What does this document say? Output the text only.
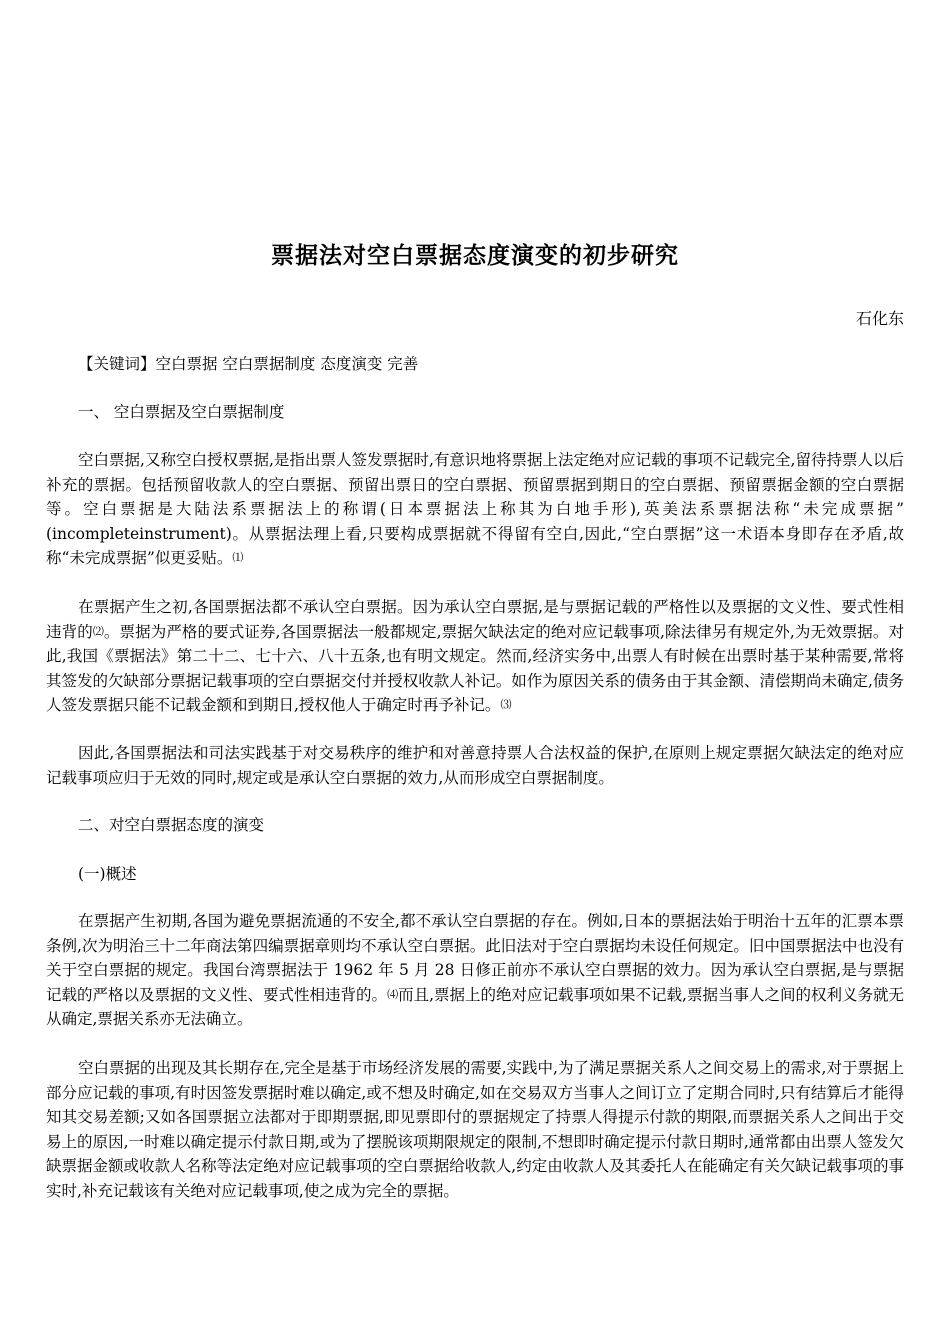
票据法对空白票据态度演变的初步研究
石化东

【关键词】空白票据 空白票据制度 态度演变 完善

一、 空白票据及空白票据制度

空白票据,又称空白授权票据,是指出票人签发票据时,有意识地将票据上法定绝对应记载的事项不记载完全,留待持票人以后补充的票据。包括预留收款人的空白票据、预留出票日的空白票据、预留票据到期日的空白票据、预留票据金额的空白票据等。空白票据是大陆法系票据法上的称谓(日本票据法上称其为白地手形),英美法系票据法称“未完成票据” (incompleteinstrument)。从票据法理上看,只要构成票据就不得留有空白,因此,“空白票据”这一术语本身即存在矛盾,故称“未完成票据”似更妥贴。⑴

在票据产生之初,各国票据法都不承认空白票据。因为承认空白票据,是与票据记载的严格性以及票据的文义性、要式性相违背的⑵。票据为严格的要式证券,各国票据法一般都规定,票据欠缺法定的绝对应记载事项,除法律另有规定外,为无效票据。对此,我国《票据法》第二十二、七十六、八十五条,也有明文规定。然而,经济实务中,出票人有时候在出票时基于某种需要,常将其签发的欠缺部分票据记载事项的空白票据交付并授权收款人补记。如作为原因关系的债务由于其金额、清偿期尚未确定,债务人签发票据只能不记载金额和到期日,授权他人于确定时再予补记。⑶

因此,各国票据法和司法实践基于对交易秩序的维护和对善意持票人合法权益的保护,在原则上规定票据欠缺法定的绝对应记载事项应归于无效的同时,规定或是承认空白票据的效力,从而形成空白票据制度。

二、对空白票据态度的演变

(一)概述

在票据产生初期,各国为避免票据流通的不安全,都不承认空白票据的存在。例如,日本的票据法始于明治十五年的汇票本票条例,次为明治三十二年商法第四编票据章则均不承认空白票据。此旧法对于空白票据均未设任何规定。旧中国票据法中也没有关于空白票据的规定。我国台湾票据法于 1962 年 5 月 28 日修正前亦不承认空白票据的效力。因为承认空白票据,是与票据记载的严格以及票据的文义性、要式性相违背的。⑷而且,票据上的绝对应记载事项如果不记载,票据当事人之间的权利义务就无从确定,票据关系亦无法确立。

空白票据的出现及其长期存在,完全是基于市场经济发展的需要,实践中,为了满足票据关系人之间交易上的需求,对于票据上部分应记载的事项,有时因签发票据时难以确定,或不想及时确定,如在交易双方当事人之间订立了定期合同时,只有结算后才能得知其交易差额;又如各国票据立法都对于即期票据,即见票即付的票据规定了持票人得提示付款的期限,而票据关系人之间出于交易上的原因,一时难以确定提示付款日期,或为了摆脱该项期限规定的限制,不想即时确定提示付款日期时,通常都由出票人签发欠缺票据金额或收款人名称等法定绝对应记载事项的空白票据给收款人,约定由收款人及其委托人在能确定有关欠缺记载事项的事实时,补充记载该有关绝对应记载事项,使之成为完全的票据。
